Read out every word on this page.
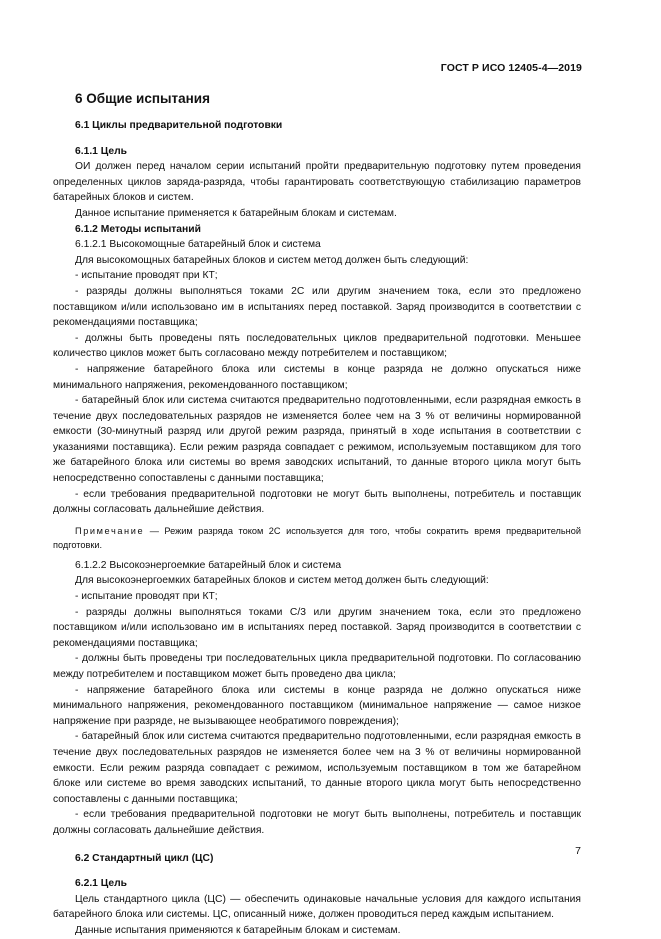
ГОСТ Р ИСО 12405-4—2019

6 Общие испытания

6.1 Циклы предварительной подготовки

6.1.1 Цель

ОИ должен перед началом серии испытаний пройти предварительную подготовку путем проведения определенных циклов заряда-разряда, чтобы гарантировать соответствующую стабилизацию параметров батарейных блоков и систем.

Данное испытание применяется к батарейным блокам и системам.

6.1.2 Методы испытаний

6.1.2.1 Высокомощные батарейный блок и система

Для высокомощных батарейных блоков и систем метод должен быть следующий:

- испытание проводят при КТ;

- разряды должны выполняться токами 2C или другим значением тока, если это предложено поставщиком и/или использовано им в испытаниях перед поставкой. Заряд производится в соответствии с рекомендациями поставщика;

- должны быть проведены пять последовательных циклов предварительной подготовки. Меньшее количество циклов может быть согласовано между потребителем и поставщиком;

- напряжение батарейного блока или системы в конце разряда не должно опускаться ниже минимального напряжения, рекомендованного поставщиком;

- батарейный блок или система считаются предварительно подготовленными, если разрядная емкость в течение двух последовательных разрядов не изменяется более чем на 3 % от величины нормированной емкости (30-минутный разряд или другой режим разряда, принятый в ходе испытания в соответствии с указаниями поставщика). Если режим разряда совпадает с режимом, используемым поставщиком для того же батарейного блока или системы во время заводских испытаний, то данные второго цикла могут быть непосредственно сопоставлены с данными поставщика;

- если требования предварительной подготовки не могут быть выполнены, потребитель и поставщик должны согласовать дальнейшие действия.

Примечание — Режим разряда током 2C используется для того, чтобы сократить время предварительной подготовки.

6.1.2.2 Высокоэнергоемкие батарейный блок и система

Для высокоэнергоемких батарейных блоков и систем метод должен быть следующий:

- испытание проводят при КТ;

- разряды должны выполняться токами C/3 или другим значением тока, если это предложено поставщиком и/или использовано им в испытаниях перед поставкой. Заряд производится в соответствии с рекомендациями поставщика;

- должны быть проведены три последовательных цикла предварительной подготовки. По согласованию между потребителем и поставщиком может быть проведено два цикла;

- напряжение батарейного блока или системы в конце разряда не должно опускаться ниже минимального напряжения, рекомендованного поставщиком (минимальное напряжение — самое низкое напряжение при разряде, не вызывающее необратимого повреждения);

- батарейный блок или система считаются предварительно подготовленными, если разрядная емкость в течение двух последовательных разрядов не изменяется более чем на 3 % от величины нормированной емкости. Если режим разряда совпадает с режимом, используемым поставщиком в том же батарейном блоке или системе во время заводских испытаний, то данные второго цикла могут быть непосредственно сопоставлены с данными поставщика;

- если требования предварительной подготовки не могут быть выполнены, потребитель и поставщик должны согласовать дальнейшие действия.

6.2 Стандартный цикл (ЦС)

6.2.1 Цель

Цель стандартного цикла (ЦС) — обеспечить одинаковые начальные условия для каждого испытания батарейного блока или системы. ЦС, описанный ниже, должен проводиться перед каждым испытанием.

Данные испытания применяются к батарейным блокам и системам.

7
